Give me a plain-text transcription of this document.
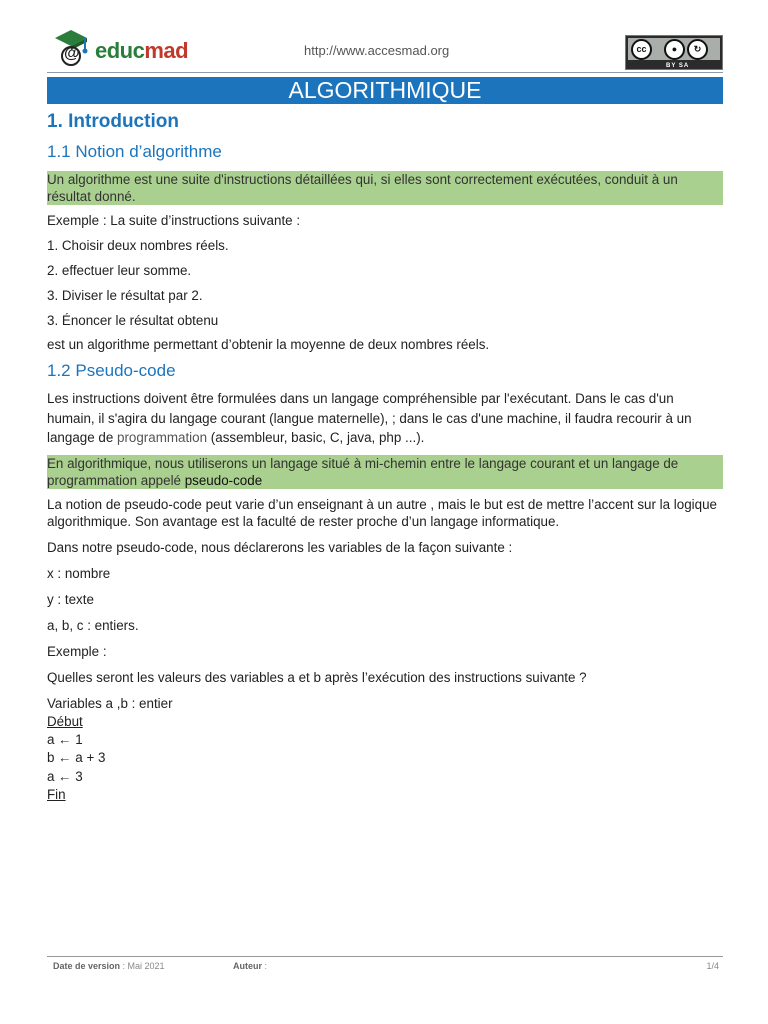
@ educmad	http://www.accesmad.org	cc	●	↻
BY SA
ALGORITHMIQUE
1. Introduction
1.1 Notion d’algorithme

Un algorithme est une suite d'instructions détaillées qui, si elles sont correctement exécutées, conduit à un résultat donné.

Exemple : La suite d’instructions suivante :

1. Choisir deux nombres réels.

2. effectuer leur somme.

3. Diviser le résultat par 2.

3. Énoncer le résultat obtenu

est un algorithme permettant d’obtenir la moyenne de deux nombres réels.

1.2 Pseudo-code

Les instructions doivent être formulées dans un langage compréhensible par l'exécutant. Dans le cas d'un humain, il s'agira du langage courant (langue maternelle), ; dans le cas d'une machine, il faudra recourir à un langage de programmation (assembleur, basic, C, java, php ...).

En algorithmique, nous utiliserons un langage situé à mi-chemin entre le langage courant et un langage de programmation appelé pseudo-code

La notion de pseudo-code peut varie d’un enseignant à un autre , mais le but est de mettre l’accent sur la logique algorithmique. Son avantage est la faculté de rester proche d’un langage informatique.

Dans notre pseudo-code, nous déclarerons les variables de la façon suivante :

x : nombre

y : texte

a, b, c : entiers.

Exemple :

Quelles seront les valeurs des variables a et b après l’exécution des instructions suivante ?

Variables a ,b : entier

Début

a ← 1

b ← a + 3

a ← 3

Fin

Date de version : Mai 2021	Auteur :	1/4
